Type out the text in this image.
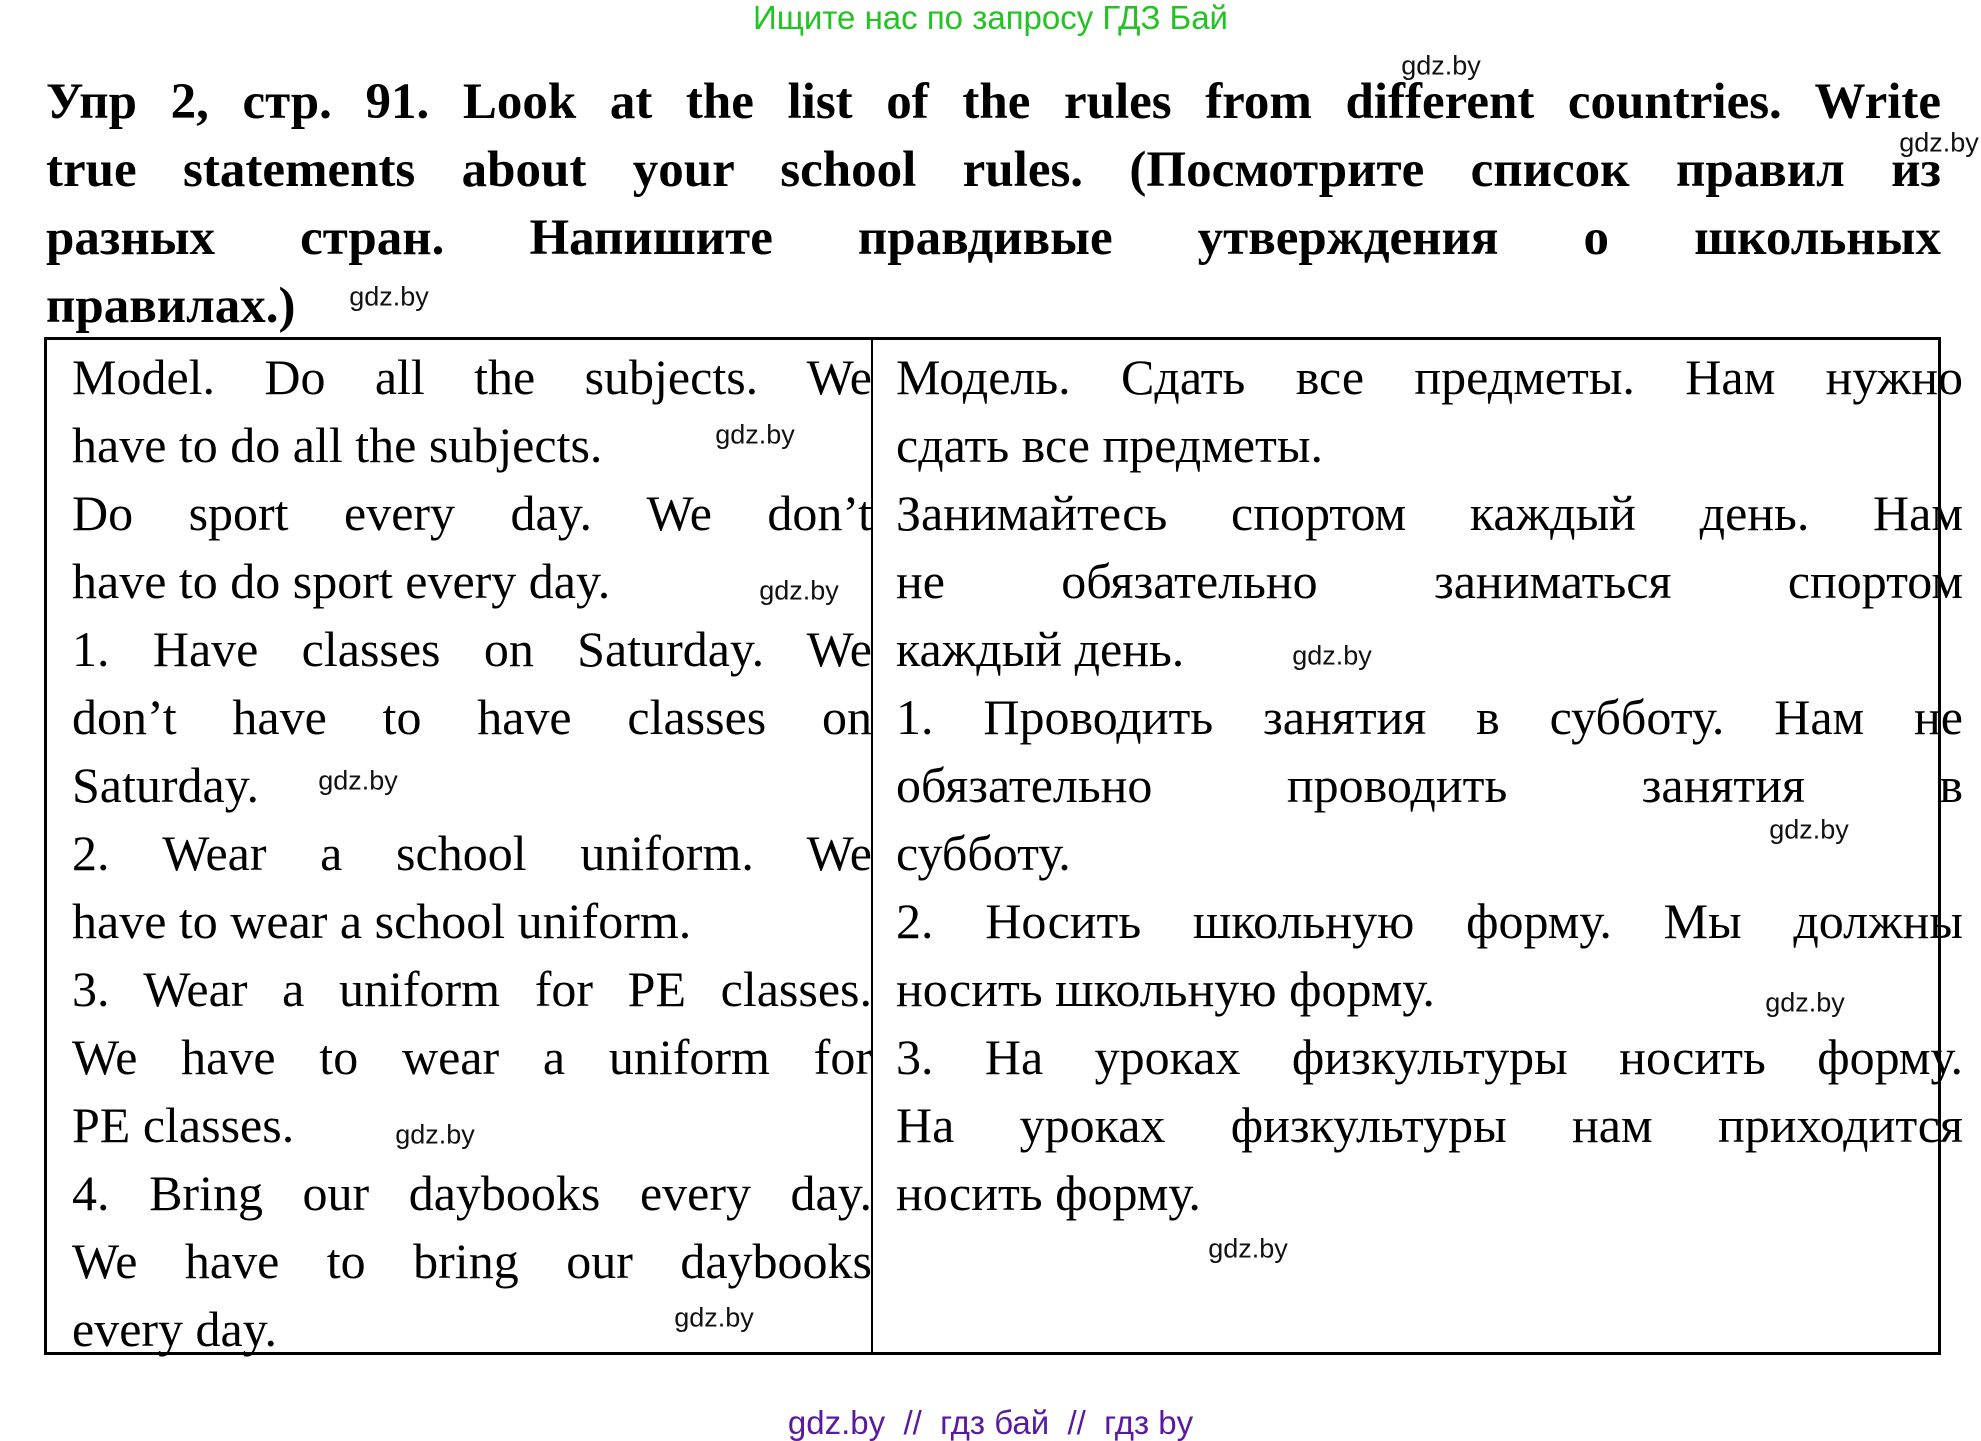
Ищите нас по запросу ГДЗ Бай
Упр 2, стр. 91. Look at the list of the rules from different countries. Write
true statements about your school rules. (Посмотрите список правил из
разных стран. Напишите правдивые утверждения о школьных
правилах.)
Model. Do all the subjects. We
have to do all the subjects.
Do sport every day. We don’t
have to do sport every day.
1. Have classes on Saturday. We
don’t have to have classes on
Saturday.
2. Wear a school uniform. We
have to wear a school uniform.
3. Wear a uniform for PE classes.
We have to wear a uniform for
PE classes.
4. Bring our daybooks every day.
We have to bring our daybooks
every day.
Модель. Сдать все предметы. Нам нужно
сдать все предметы.
Занимайтесь спортом каждый день. Нам
не обязательно заниматься спортом
каждый день.
1. Проводить занятия в субботу. Нам не
обязательно проводить занятия в
субботу.
2. Носить школьную форму. Мы должны
носить школьную форму.
3. На уроках физкультуры носить форму.
На уроках физкультуры нам приходится
носить форму.
gdz.by
gdz.by
gdz.by
gdz.by
gdz.by
gdz.by
gdz.by
gdz.by
gdz.by
gdz.by
gdz.by
gdz.by
gdz.by  //  гдз бай  //  гдз by
